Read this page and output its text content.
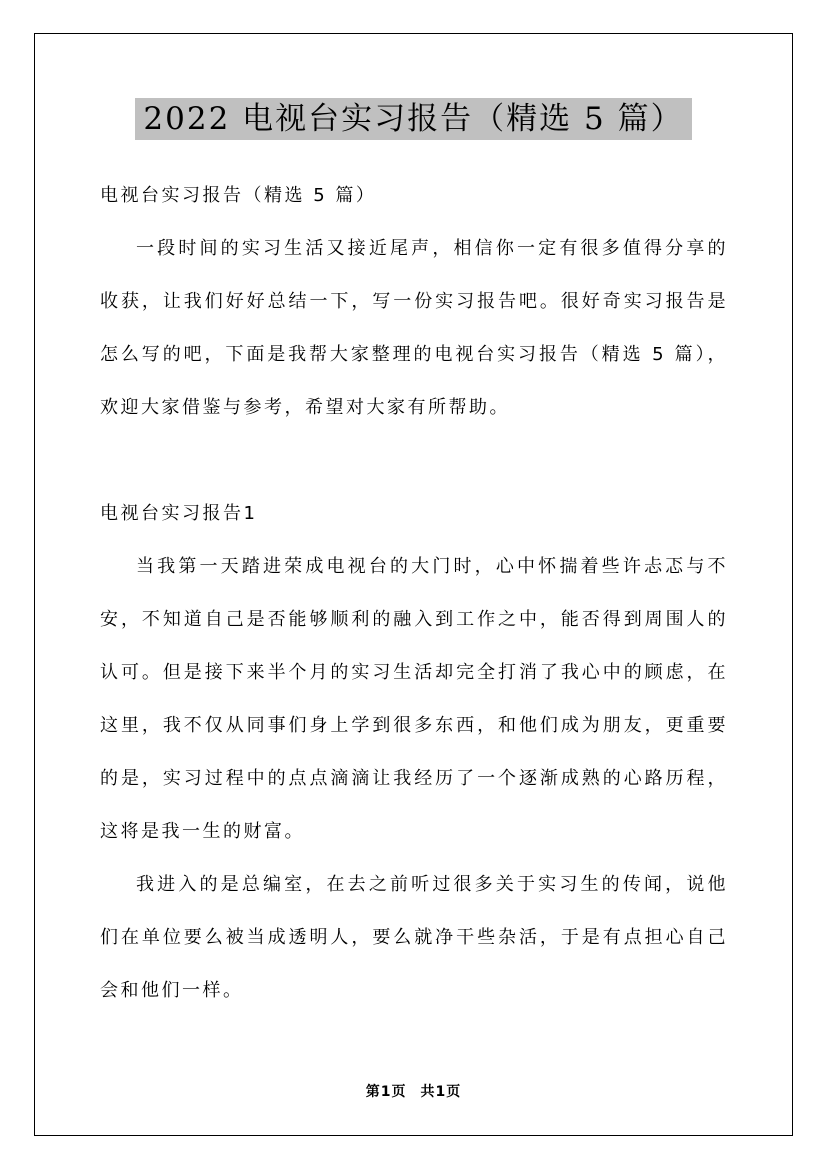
2022 电视台实习报告（精选 5 篇）

电视台实习报告（精选 5 篇）

一段时间的实习生活又接近尾声，相信你一定有很多值得分享的收获，让我们好好总结一下，写一份实习报告吧。很好奇实习报告是怎么写的吧，下面是我帮大家整理的电视台实习报告（精选 5 篇），欢迎大家借鉴与参考，希望对大家有所帮助。

电视台实习报告1

当我第一天踏进荣成电视台的大门时，心中怀揣着些许忐忑与不安，不知道自己是否能够顺利的融入到工作之中，能否得到周围人的认可。但是接下来半个月的实习生活却完全打消了我心中的顾虑，在这里，我不仅从同事们身上学到很多东西，和他们成为朋友，更重要的是，实习过程中的点点滴滴让我经历了一个逐渐成熟的心路历程，这将是我一生的财富。

我进入的是总编室，在去之前听过很多关于实习生的传闻，说他们在单位要么被当成透明人，要么就净干些杂活，于是有点担心自己会和他们一样。

第1页 共1页
